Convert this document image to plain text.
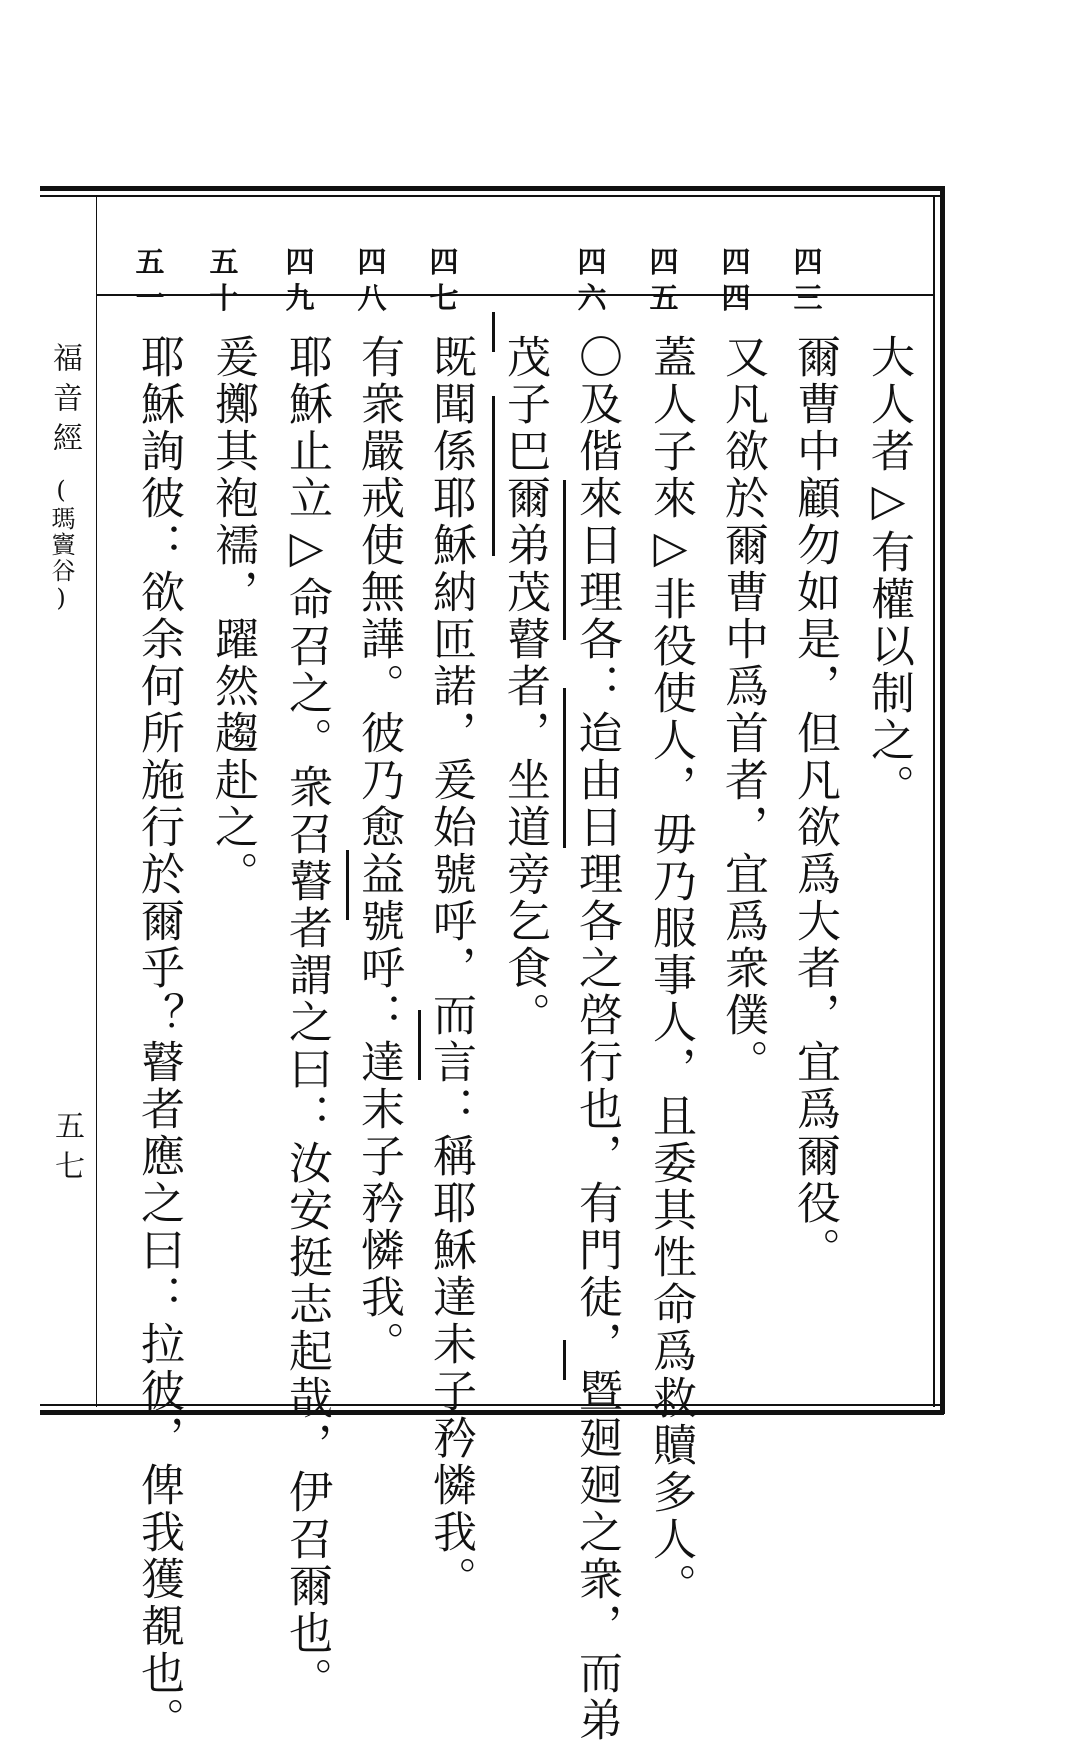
福音經
(瑪竇谷)
五七
四
三
四
四
四
五
四
六
四
七
四
八
四
九
五
十
五
一
大人者▷有權以制之。
爾曹中顧勿如是，但凡欲爲大者，宜爲爾役。
又凡欲於爾曹中爲首者，宜爲衆僕。
蓋人子來▷非役使人，毋乃服事人，且委其性命爲救贖多人。
〇及偕來日理各：迨由日理各之啓行也，有門徒，暨㢠㢠之衆，而弟
茂子巴爾弟茂瞽者，坐道旁乞食。
既聞係耶穌納匝諾，爰始號呼，而言：稱耶穌達未子矜憐我。
有衆嚴戒使無譁。彼乃愈益號呼：達末子矜憐我。
耶穌止立▷命召之。衆召瞽者謂之曰：汝安挺志起哉，伊召爾也。
爰擲其袍襦，躍然趨赴之。
耶穌詢彼：欲余何所施行於爾乎？瞽者應之曰：拉彼，俾我獲覩也。
